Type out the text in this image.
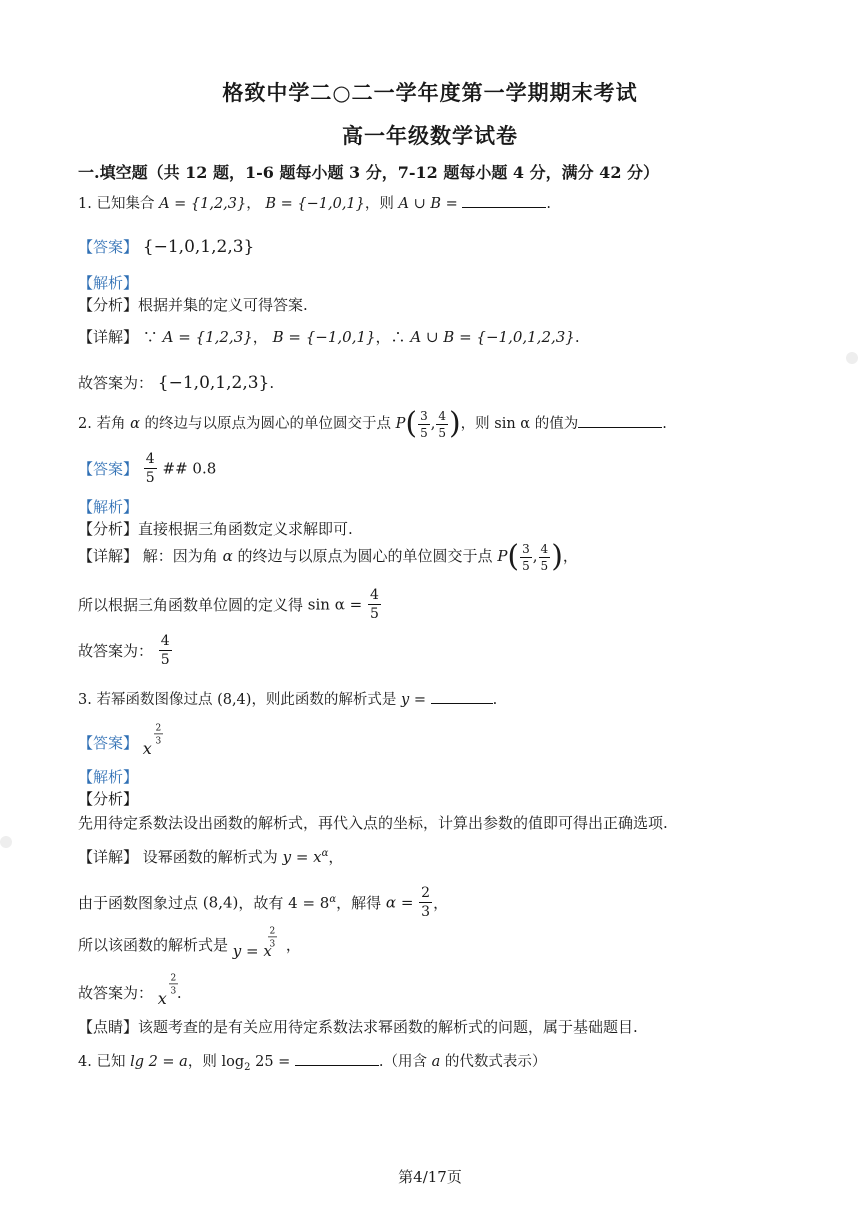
格致中学二○二一学年度第一学期期末考试
高一年级数学试卷
一.填空题（共 12 题，1-6 题每小题 3 分，7-12 题每小题 4 分，满分 42 分）
1. 已知集合 A = {1,2,3}， B = {−1,0,1}，则 A ∪ B =	.
【答案】 {−1,0,1,2,3}
【解析】
【分析】根据并集的定义可得答案.
【详解】 ∵ A = {1,2,3}， B = {−1,0,1}，∴ A ∪ B = {−1,0,1,2,3}.
故答案为： {−1,0,1,2,3}.
2. 若角 α 的终边与以原点为圆心的单位圆交于点 $P( \frac{3}{5}$ , $\frac{4}{5}$ )，则 sin α 的值为	.
【答案】 $\frac{4}{5}$ ## 0.8
【解析】
【分析】直接根据三角函数定义求解即可.
【详解】 解：因为角 α 的终边与以原点为圆心的单位圆交于点 $P( \frac{3}{5}$ , $\frac{4}{5}$ )，
所以根据三角函数单位圆的定义得 $\sin \alpha = \frac{4}{5}$
故答案为： $\frac{4}{5}$
3. 若幂函数图像过点 (8,4)，则此函数的解析式是 y =	.
【答案】 x
$\frac{2}{3}$
【解析】
【分析】
先用待定系数法设出函数的解析式，再代入点的坐标，计算出参数的值即可得出正确选项.
【详解】 设幂函数的解析式为 $y = x^\alpha$，
由于函数图象过点 (8,4)，故有 $4 = 8^\alpha$，解得 $\alpha = \frac{2}{3}$ ，
所以该函数的解析式是 y = x
$\frac{2}{3}$ ，
故答案为： x
$\frac{2}{3}$ .
【点睛】该题考查的是有关应用待定系数法求幂函数的解析式的问题，属于基础题目.
4. 已知 lg 2 = a，则 $\log_2 25$ =	.（用含 a 的代数式表示）
第4/17页
